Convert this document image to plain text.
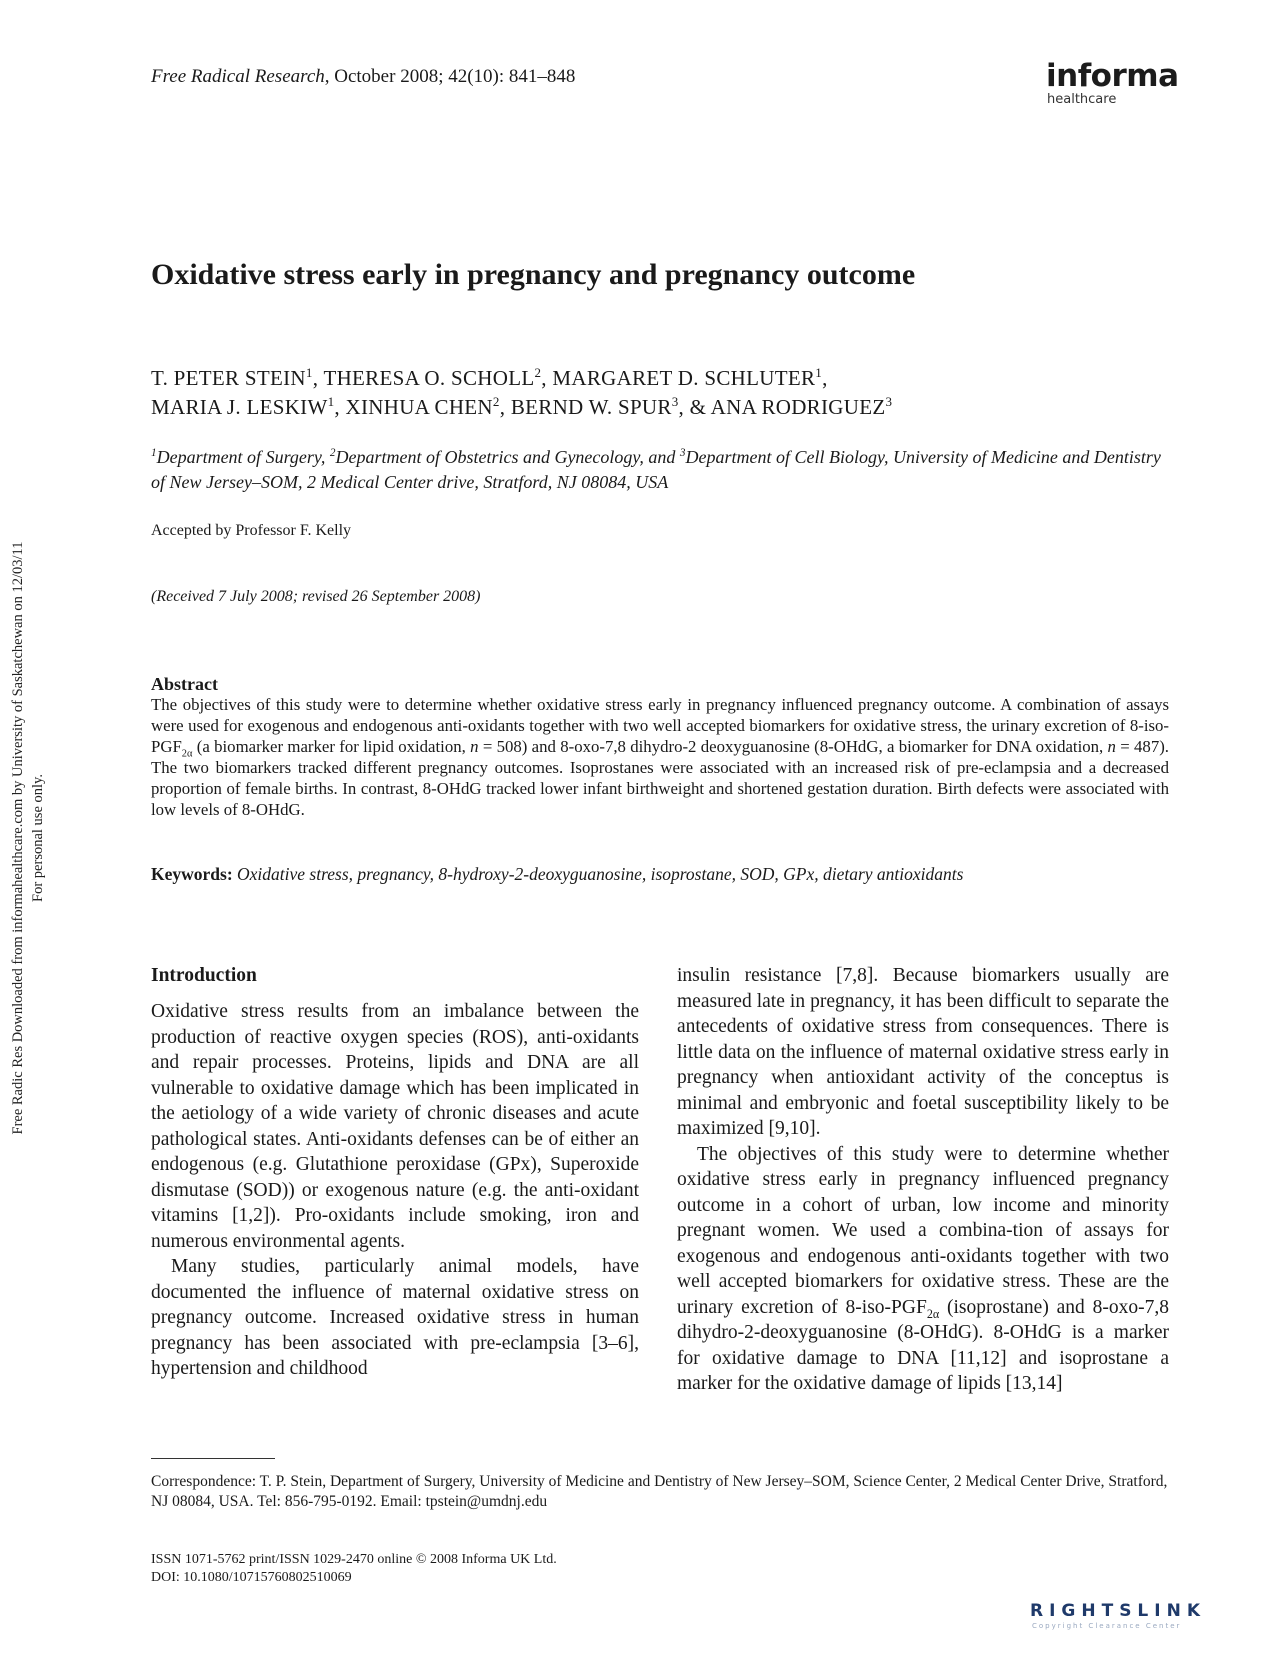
Free Radic Res Downloaded from informahealthcare.com by University of Saskatchewan on 12/03/11 For personal use only.
Free Radical Research, October 2008; 42(10): 841–848	informa
healthcare
Oxidative stress early in pregnancy and pregnancy outcome
T. PETER STEIN$^1$, THERESA O. SCHOLL$^2$, MARGARET D. SCHLUTER$^1$,
MARIA J. LESKIW$^1$, XINHUA CHEN$^2$, BERND W. SPUR$^3$, & ANA RODRIGUEZ$^3$
$^1$Department of Surgery, $^2$Department of Obstetrics and Gynecology, and $^3$Department of Cell Biology, University of Medicine and Dentistry of New Jersey–SOM, 2 Medical Center drive, Stratford, NJ 08084, USA
Accepted by Professor F. Kelly
(Received 7 July 2008; revised 26 September 2008)
Abstract
The objectives of this study were to determine whether oxidative stress early in pregnancy influenced pregnancy outcome. A combination of assays were used for exogenous and endogenous anti-oxidants together with two well accepted biomarkers for oxidative stress, the urinary excretion of $8-iso-PGF_{2\alpha}$ (a biomarker marker for lipid oxidation, n = 508) and 8-oxo-7,8 dihydro-2 deoxyguanosine (8-OHdG, a biomarker for DNA oxidation, n = 487). The two biomarkers tracked different pregnancy outcomes. Isoprostanes were associated with an increased risk of pre-eclampsia and a decreased proportion of female births. In contrast, 8-OHdG tracked lower infant birthweight and shortened gestation duration. Birth defects were associated with low levels of 8-OHdG.
Keywords: Oxidative stress, pregnancy, 8-hydroxy-2-deoxyguanosine, isoprostane, SOD, GPx, dietary antioxidants
Introduction

Oxidative stress results from an imbalance between the production of reactive oxygen species (ROS), anti-oxidants and repair processes. Proteins, lipids and DNA are all vulnerable to oxidative damage which has been implicated in the aetiology of a wide variety of chronic diseases and acute pathological states. Anti-oxidants defenses can be of either an endogenous (e.g. Glutathione peroxidase (GPx), Superoxide dismutase (SOD)) or exogenous nature (e.g. the anti-oxidant vitamins [1,2]). Pro-oxidants include smoking, iron and numerous environmental agents.

Many studies, particularly animal models, have documented the influence of maternal oxidative stress on pregnancy outcome. Increased oxidative stress in human pregnancy has been associated with pre-eclampsia [3–6], hypertension and childhood

insulin resistance [7,8]. Because biomarkers usually are measured late in pregnancy, it has been difficult to separate the antecedents of oxidative stress from consequences. There is little data on the influence of maternal oxidative stress early in pregnancy when antioxidant activity of the conceptus is minimal and embryonic and foetal susceptibility likely to be maximized [9,10].

The objectives of this study were to determine whether oxidative stress early in pregnancy influenced pregnancy outcome in a cohort of urban, low income and minority pregnant women. We used a combina-tion of assays for exogenous and endogenous anti-oxidants together with two well accepted biomarkers for oxidative stress. These are the urinary excretion of $8-iso-PGF_{2\alpha}$ (isoprostane) and 8-oxo-7,8 dihydro-2-deoxyguanosine (8-OHdG). 8-OHdG is a marker for oxidative damage to DNA [11,12] and isoprostane a marker for the oxidative damage of lipids [13,14]

Correspondence: T. P. Stein, Department of Surgery, University of Medicine and Dentistry of New Jersey–SOM, Science Center, 2 Medical Center Drive, Stratford, NJ 08084, USA. Tel: 856-795-0192. Email: tpstein@umdnj.edu
ISSN 1071-5762 print/ISSN 1029-2470 online © 2008 Informa UK Ltd.
DOI: 10.1080/10715760802510069
RIGHTSLINK
Copyright Clearance Center
